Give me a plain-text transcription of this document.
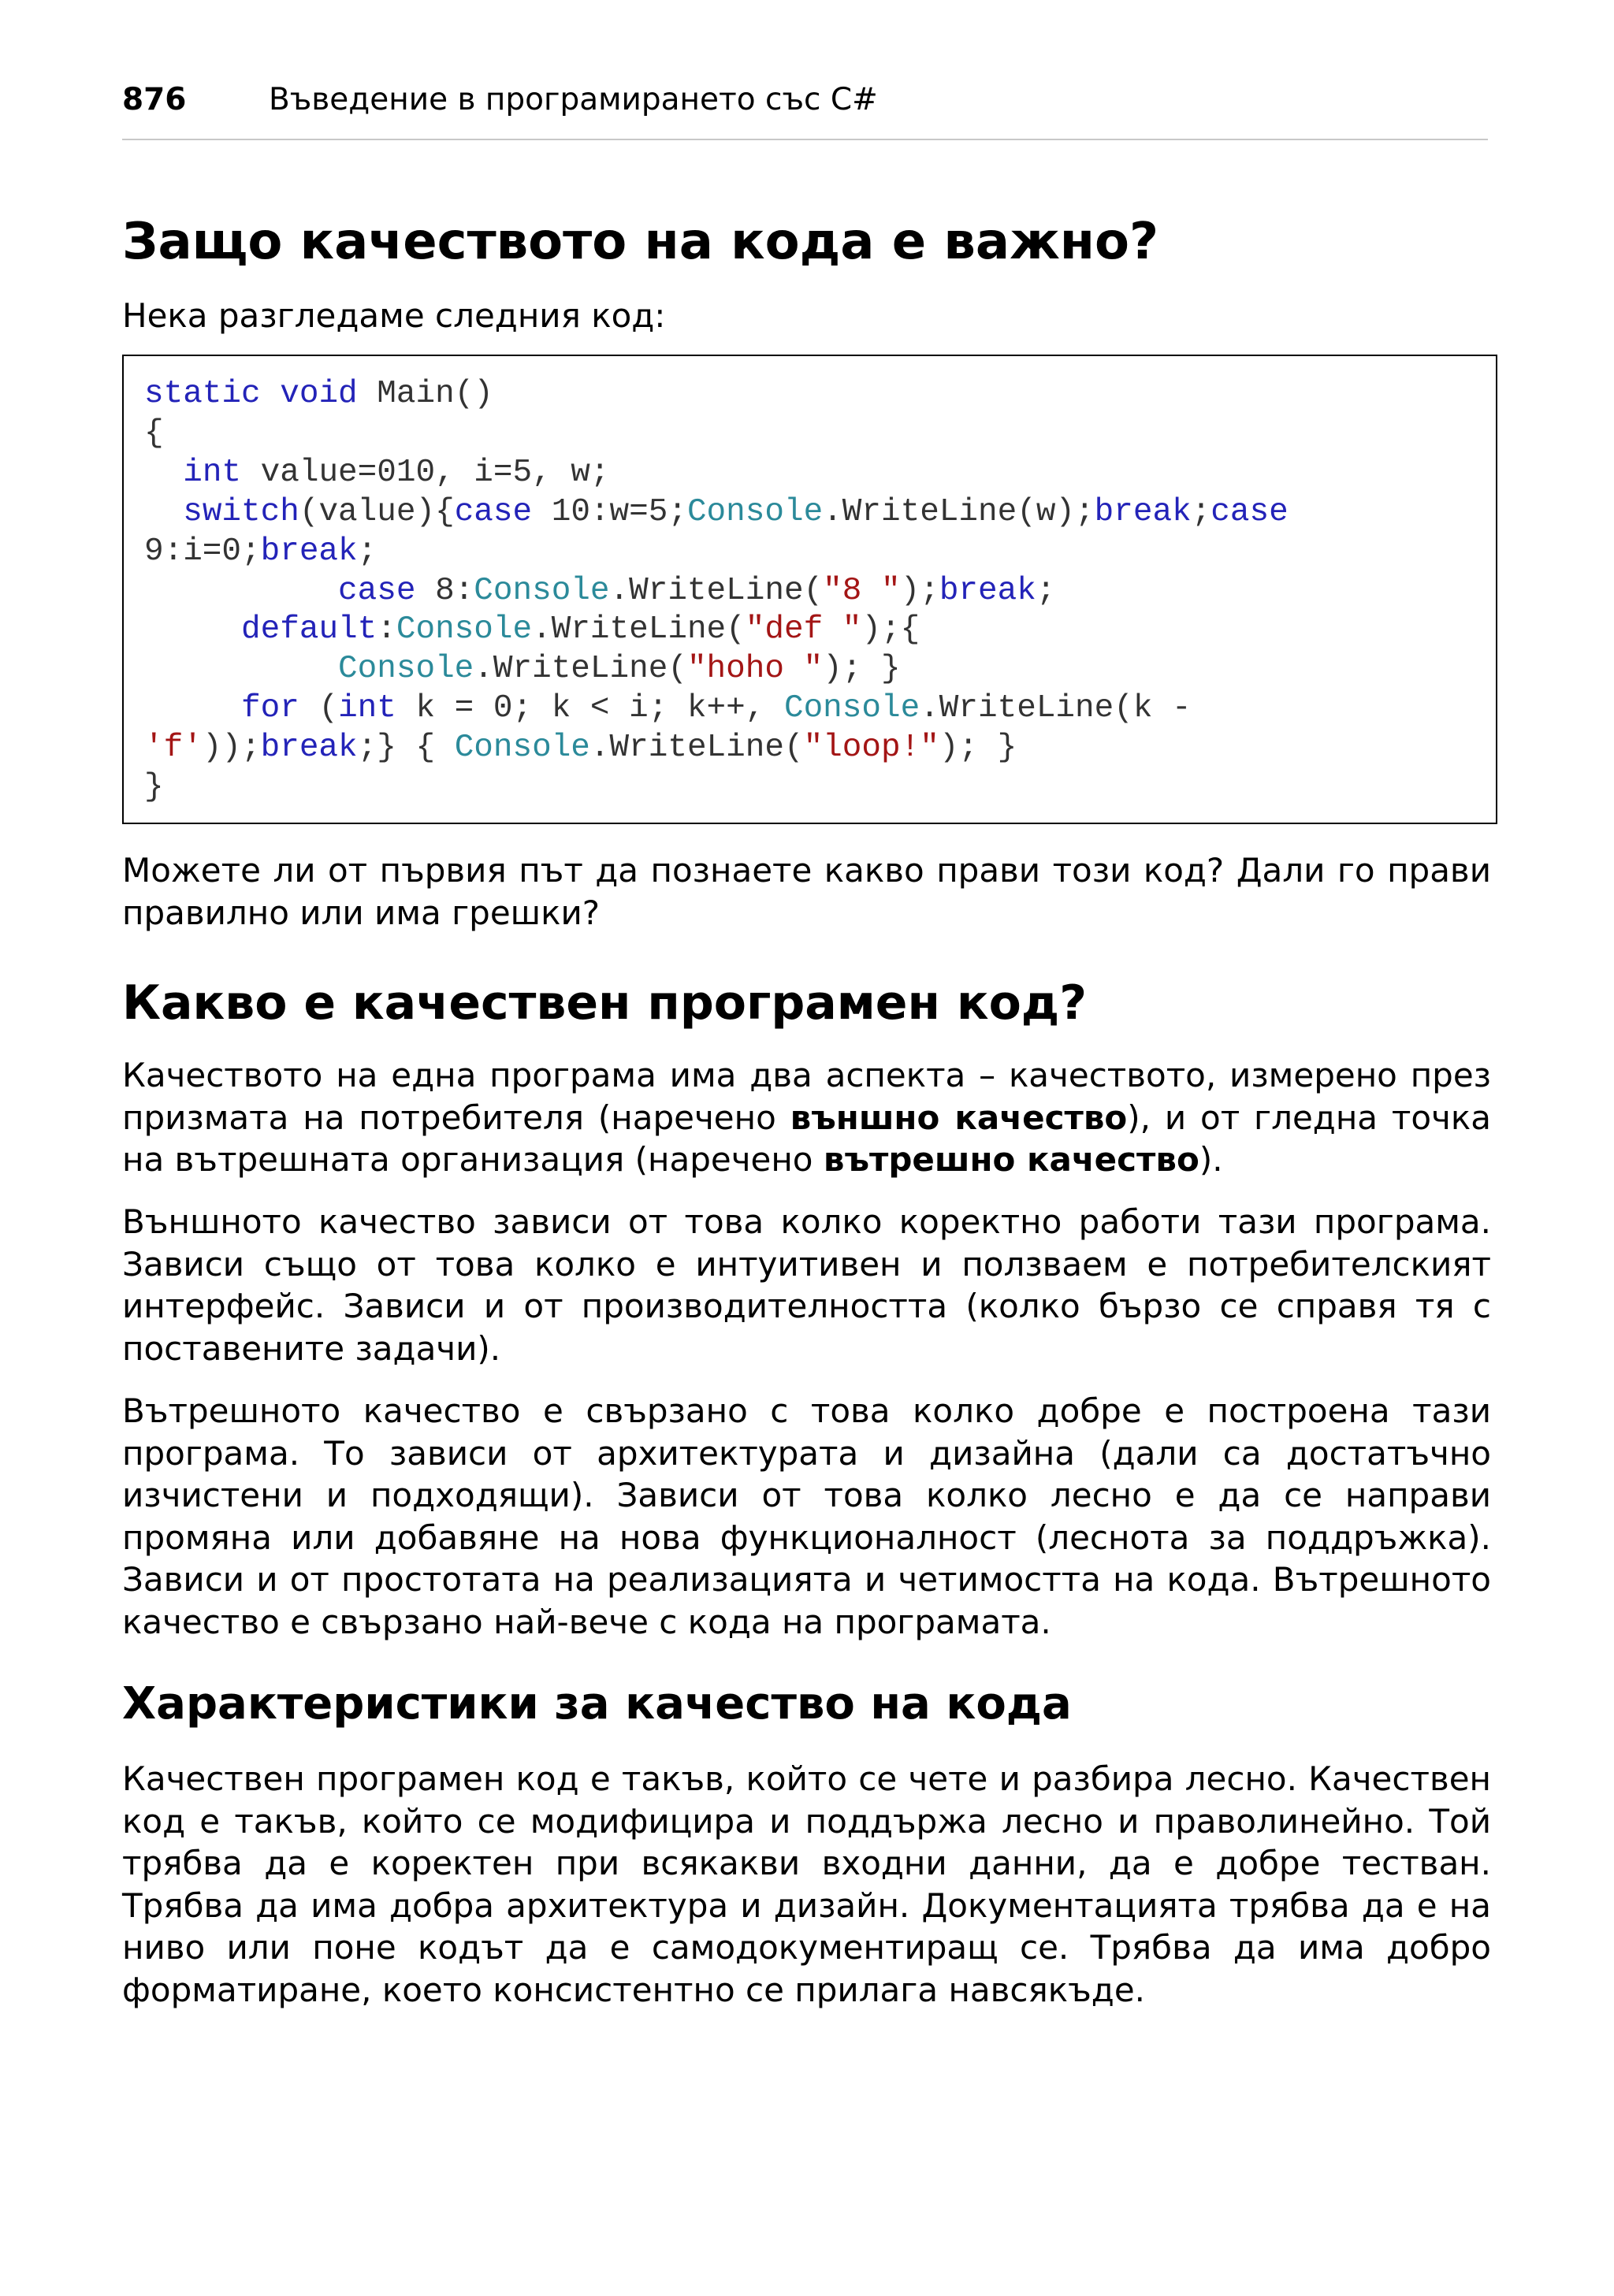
876	Въведение в програмирането със C#
Защо качеството на кода е важно?

Нека разгледаме следния код:

static void Main()
{
int value=010, i=5, w;
switch(value){case 10:w=5;Console.WriteLine(w);break;case
9:i=0;break;
case 8:Console.WriteLine("8 ");break;
default:Console.WriteLine("def ");{
Console.WriteLine("hoho "); }
for (int k = 0; k < i; k++, Console.WriteLine(k -
'f'));break;} { Console.WriteLine("loop!"); }
}

Можете ли от първия път да познаете какво прави този код? Дали го прави правилно или има грешки?

Какво е качествен програмен код?

Качеството на една програма има два аспекта – качеството, измерено през призмата на потребителя (наречено външно качество), и от гледна точка на вътрешната организация (наречено вътрешно качество).

Външното качество зависи от това колко коректно работи тази програма. Зависи също от това колко е интуитивен и ползваем е потребителският интерфейс. Зависи и от производителността (колко бързо се справя тя с поставените задачи).

Вътрешното качество е свързано с това колко добре е построена тази програма. То зависи от архитектурата и дизайна (дали са достатъчно изчистени и подходящи). Зависи от това колко лесно е да се направи промяна или добавяне на нова функционалност (леснота за поддръжка). Зависи и от простотата на реализацията и четимостта на кода. Вътрешното качество е свързано най-вече с кода на програмата.

Характеристики за качество на кода

Качествен програмен код е такъв, който се чете и разбира лесно. Качествен код е такъв, който се модифицира и поддържа лесно и праволинейно. Той трябва да е коректен при всякакви входни данни, да е добре тестван. Трябва да има добра архитектура и дизайн. Документацията трябва да е на ниво или поне кодът да е самодокументиращ се. Трябва да има добро форматиране, което консистентно се прилага навсякъде.
